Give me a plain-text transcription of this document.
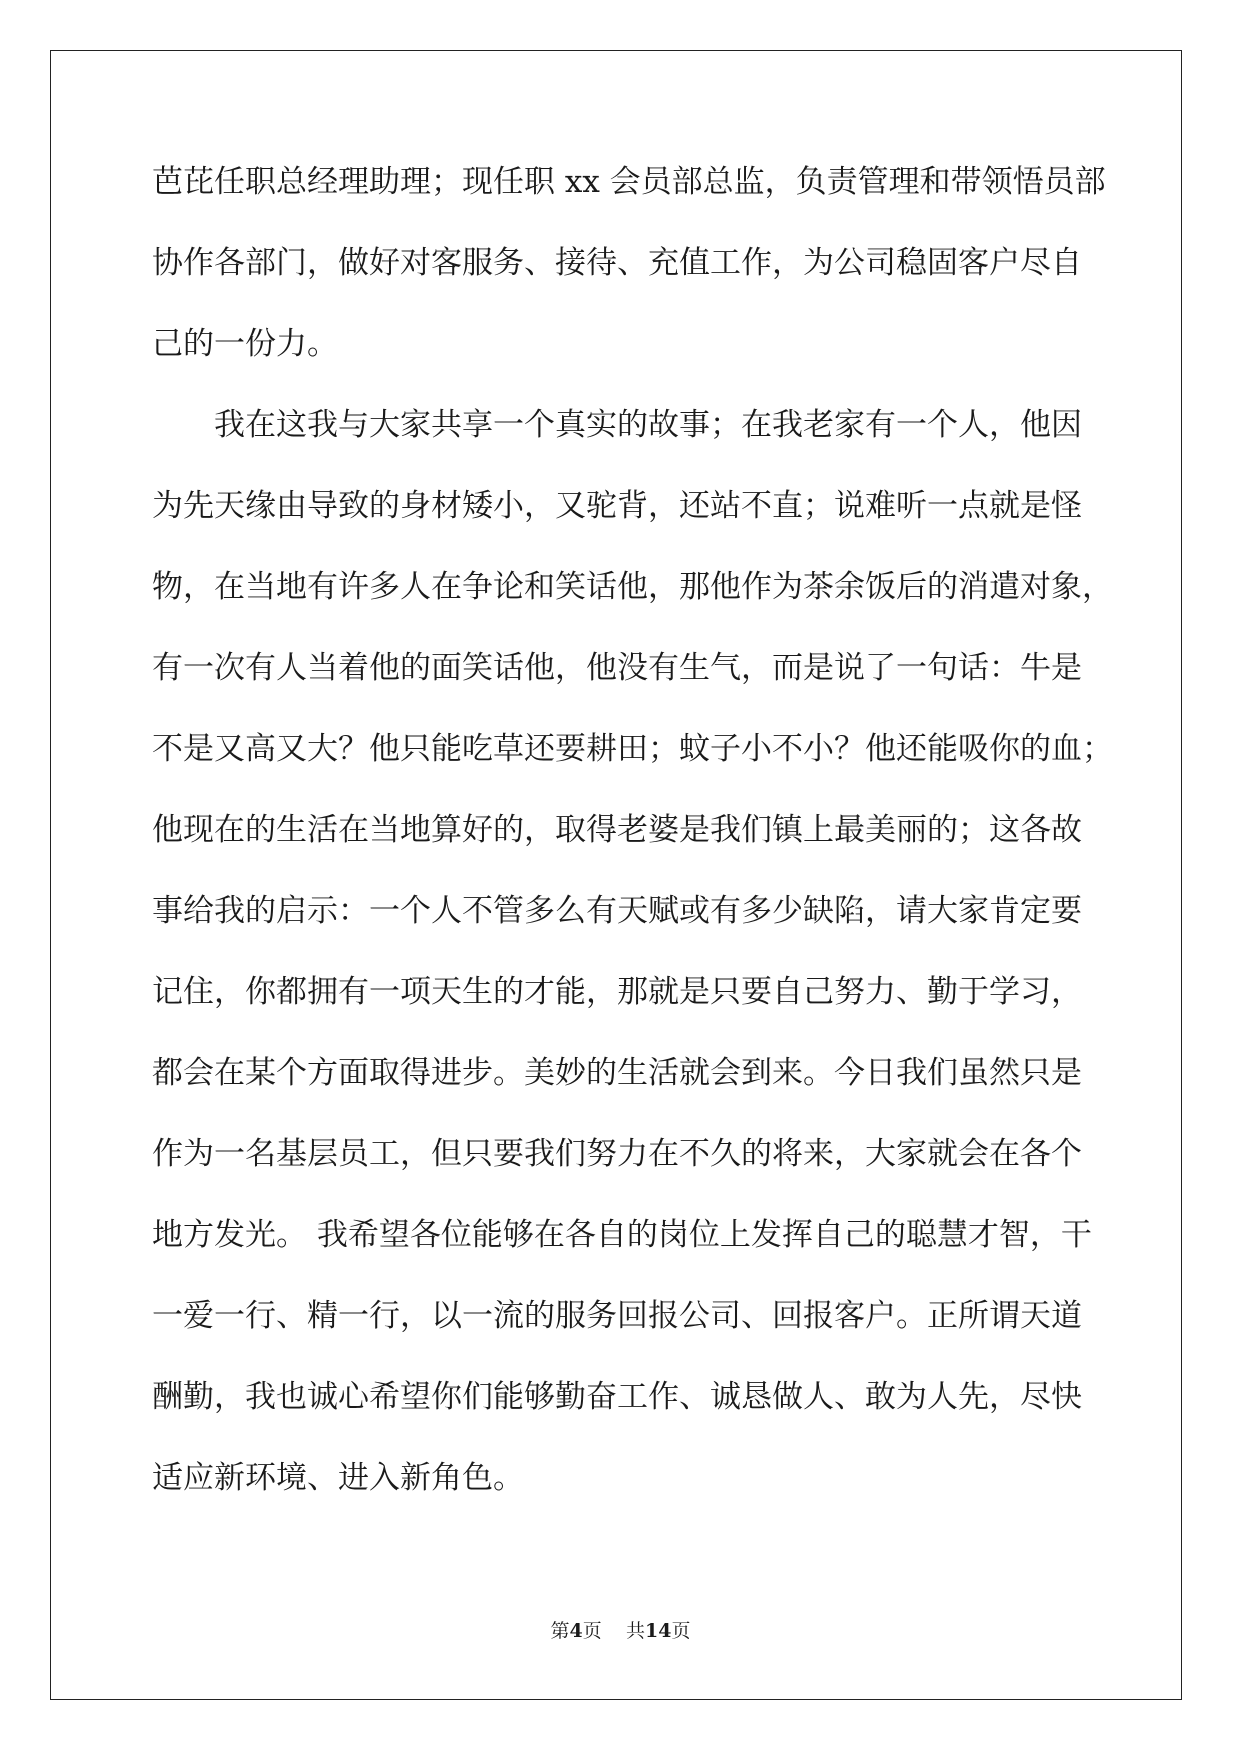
芭芘任职总经理助理；现任职 xx 会员部总监，负责管理和带领悟员部
协作各部门，做好对客服务、接待、充值工作，为公司稳固客户尽自
己的一份力。
我在这我与大家共享一个真实的故事；在我老家有一个人，他因
为先天缘由导致的身材矮小，又驼背，还站不直；说难听一点就是怪
物，在当地有许多人在争论和笑话他，那他作为茶余饭后的消遣对象，
有一次有人当着他的面笑话他，他没有生气，而是说了一句话：牛是
不是又高又大？他只能吃草还要耕田；蚊子小不小？他还能吸你的血；
他现在的生活在当地算好的，取得老婆是我们镇上最美丽的；这各故
事给我的启示：一个人不管多么有天赋或有多少缺陷，请大家肯定要
记住，你都拥有一项天生的才能，那就是只要自己努力、勤于学习，
都会在某个方面取得进步。美妙的生活就会到来。今日我们虽然只是
作为一名基层员工，但只要我们努力在不久的将来，大家就会在各个
地方发光。 我希望各位能够在各自的岗位上发挥自己的聪慧才智，干
一爱一行、精一行，以一流的服务回报公司、回报客户。正所谓天道
酬勤，我也诚心希望你们能够勤奋工作、诚恳做人、敢为人先，尽快
适应新环境、进入新角色。
第4页 共14页
